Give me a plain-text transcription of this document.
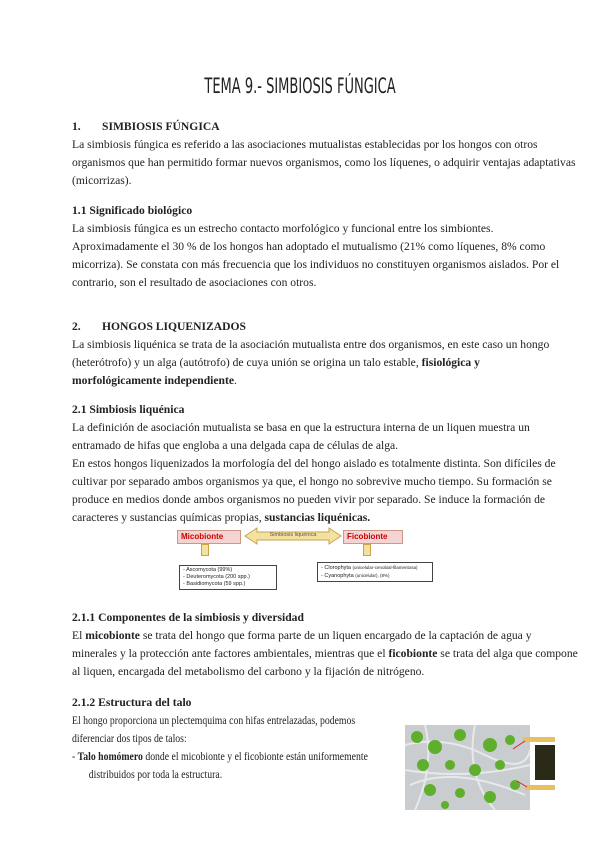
TEMA 9.- SIMBIOSIS FÚNGICA
1. SIMBIOSIS FÚNGICA
La simbiosis fúngica es referido a las asociaciones mutualistas establecidas por los hongos con otros
organismos que han permitido formar nuevos organismos, como los líquenes, o adquirir ventajas adaptativas
(micorrizas).
1.1 Significado biológico
La simbiosis fúngica es un estrecho contacto morfológico y funcional entre los simbiontes.
Aproximadamente el 30 % de los hongos han adoptado el mutualismo (21% como líquenes, 8% como
micorriza). Se constata con más frecuencia que los individuos no constituyen organismos aislados. Por el
contrario, son el resultado de asociaciones con otros.
2. HONGOS LIQUENIZADOS
La simbiosis liquénica se trata de la asociación mutualista entre dos organismos, en este caso un hongo
(heterótrofo) y un alga (autótrofo) de cuya unión se origina un talo estable, fisiológica y
morfológicamente independiente.
2.1 Simbiosis liquénica
La definición de asociación mutualista se basa en que la estructura interna de un liquen muestra un
entramado de hifas que engloba a una delgada capa de células de alga.
En estos hongos liquenizados la morfología del del hongo aislado es totalmente distinta. Son difíciles de
cultivar por separado ambos organismos ya que, el hongo no sobrevive mucho tiempo. Su formación se
produce en medios donde ambos organismos no pueden vivir por separado. Se induce la formación de
caracteres y sustancias químicas propias, sustancias liquénicas.
Micobionte	Simbiosis liquénica	Ficobionte
- Ascomycota (99%)
- Deuteromycota (200 spp.)
- Basidiomycota (59 spp.)
- Clorophyta (unicelular-cenobial-filamentosa)
- Cyanophyta (unicelular), (8%)
2.1.1 Componentes de la simbiosis y diversidad
El micobionte se trata del hongo que forma parte de un liquen encargado de la captación de agua y
minerales y la protección ante factores ambientales, mientras que el ficobionte se trata del alga que compone
al liquen, encargada del metabolismo del carbono y la fijación de nitrógeno.
2.1.2 Estructura del talo
El hongo proporciona un plectemquima con hifas entrelazadas, podemos
diferenciar dos tipos de talos:
- Talo homómero donde el micobionte y el ficobionte están uniformemente
distribuidos por toda la estructura.
